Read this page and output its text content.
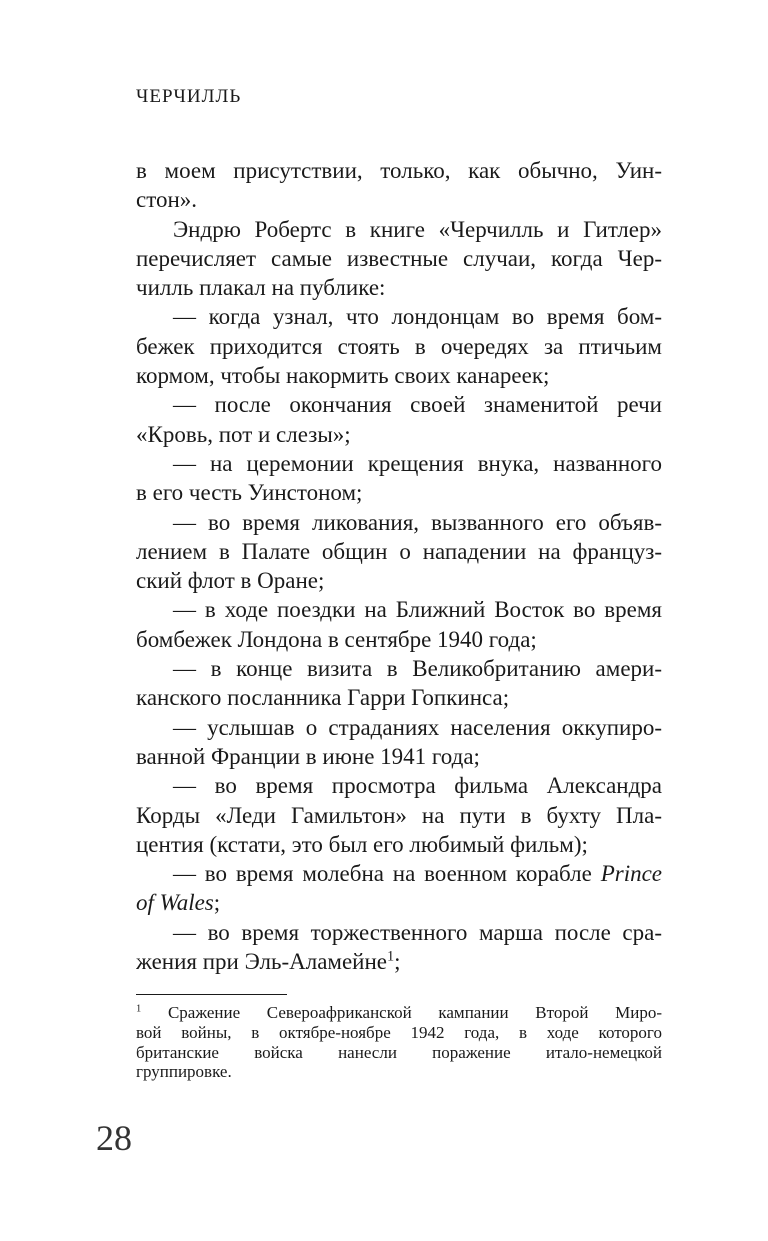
ЧЕРЧИЛЛЬ

в моем присутствии, только, как обычно, Уин-

стон».

Эндрю Робертс в книге «Черчилль и Гитлер»

перечисляет самые известные случаи, когда Чер-

чилль плакал на публике:

— когда узнал, что лондонцам во время бом-

бежек приходится стоять в очередях за птичьим

кормом, чтобы накормить своих канареек;

— после окончания своей знаменитой речи

«Кровь, пот и слезы»;

— на церемонии крещения внука, названного

в его честь Уинстоном;

— во время ликования, вызванного его объяв-

лением в Палате общин о нападении на француз-

ский флот в Оране;

— в ходе поездки на Ближний Восток во время

бомбежек Лондона в сентябре 1940 года;

— в конце визита в Великобританию амери-

канского посланника Гарри Гопкинса;

— услышав о страданиях населения оккупиро-

ванной Франции в июне 1941 года;

— во время просмотра фильма Александра

Корды «Леди Гамильтон» на пути в бухту Пла-

центия (кстати, это был его любимый фильм);

— во время молебна на военном корабле Prince

of Wales;

— во время торжественного марша после сра-

жения при Эль-Аламейне$^1$;

$^1$ Сражение Североафриканской кампании Второй Миро-

вой войны, в октябре-ноябре 1942 года, в ходе которого

британские войска нанесли поражение итало-немецкой

группировке.

28
